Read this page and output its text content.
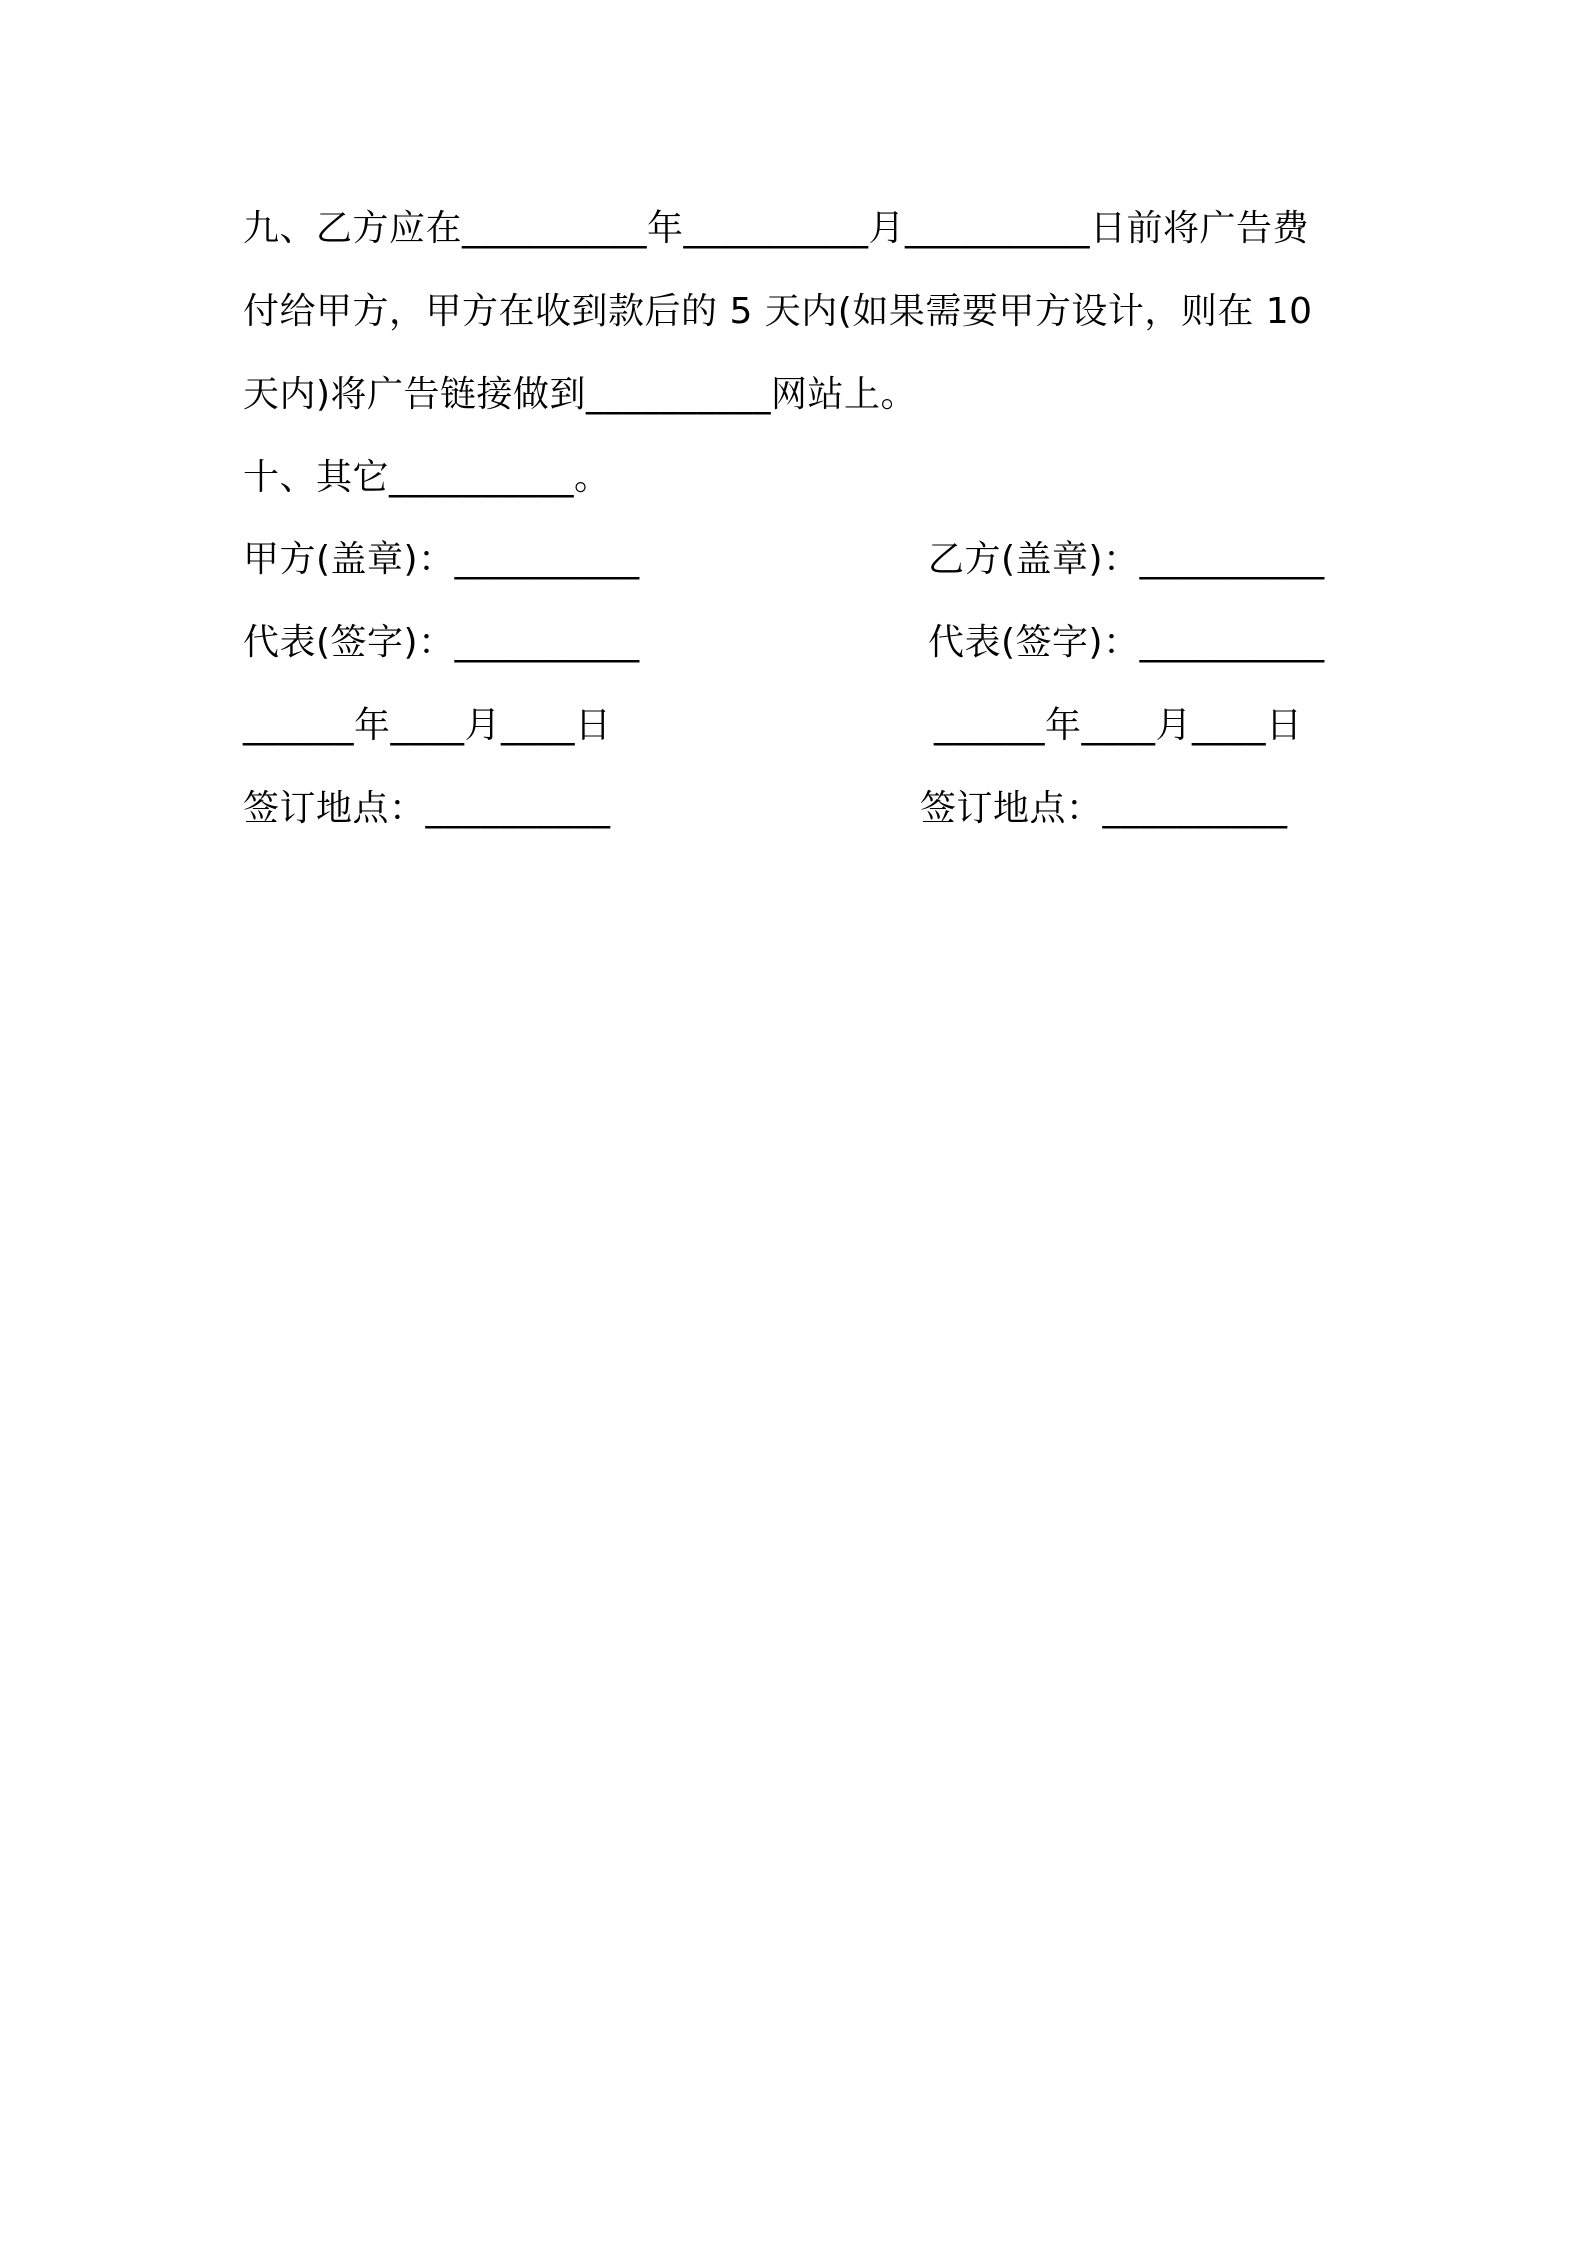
九、乙方应在__________年__________月__________日前将广告费
付给甲方，甲方在收到款后的 5 天内(如果需要甲方设计，则在 10
天内)将广告链接做到__________网站上。
十、其它__________。
甲方(盖章)：__________	乙方(盖章)：__________
代表(签字)：__________	代表(签字)：__________
______年____月____日	______年____月____日
签订地点：__________	签订地点：__________
